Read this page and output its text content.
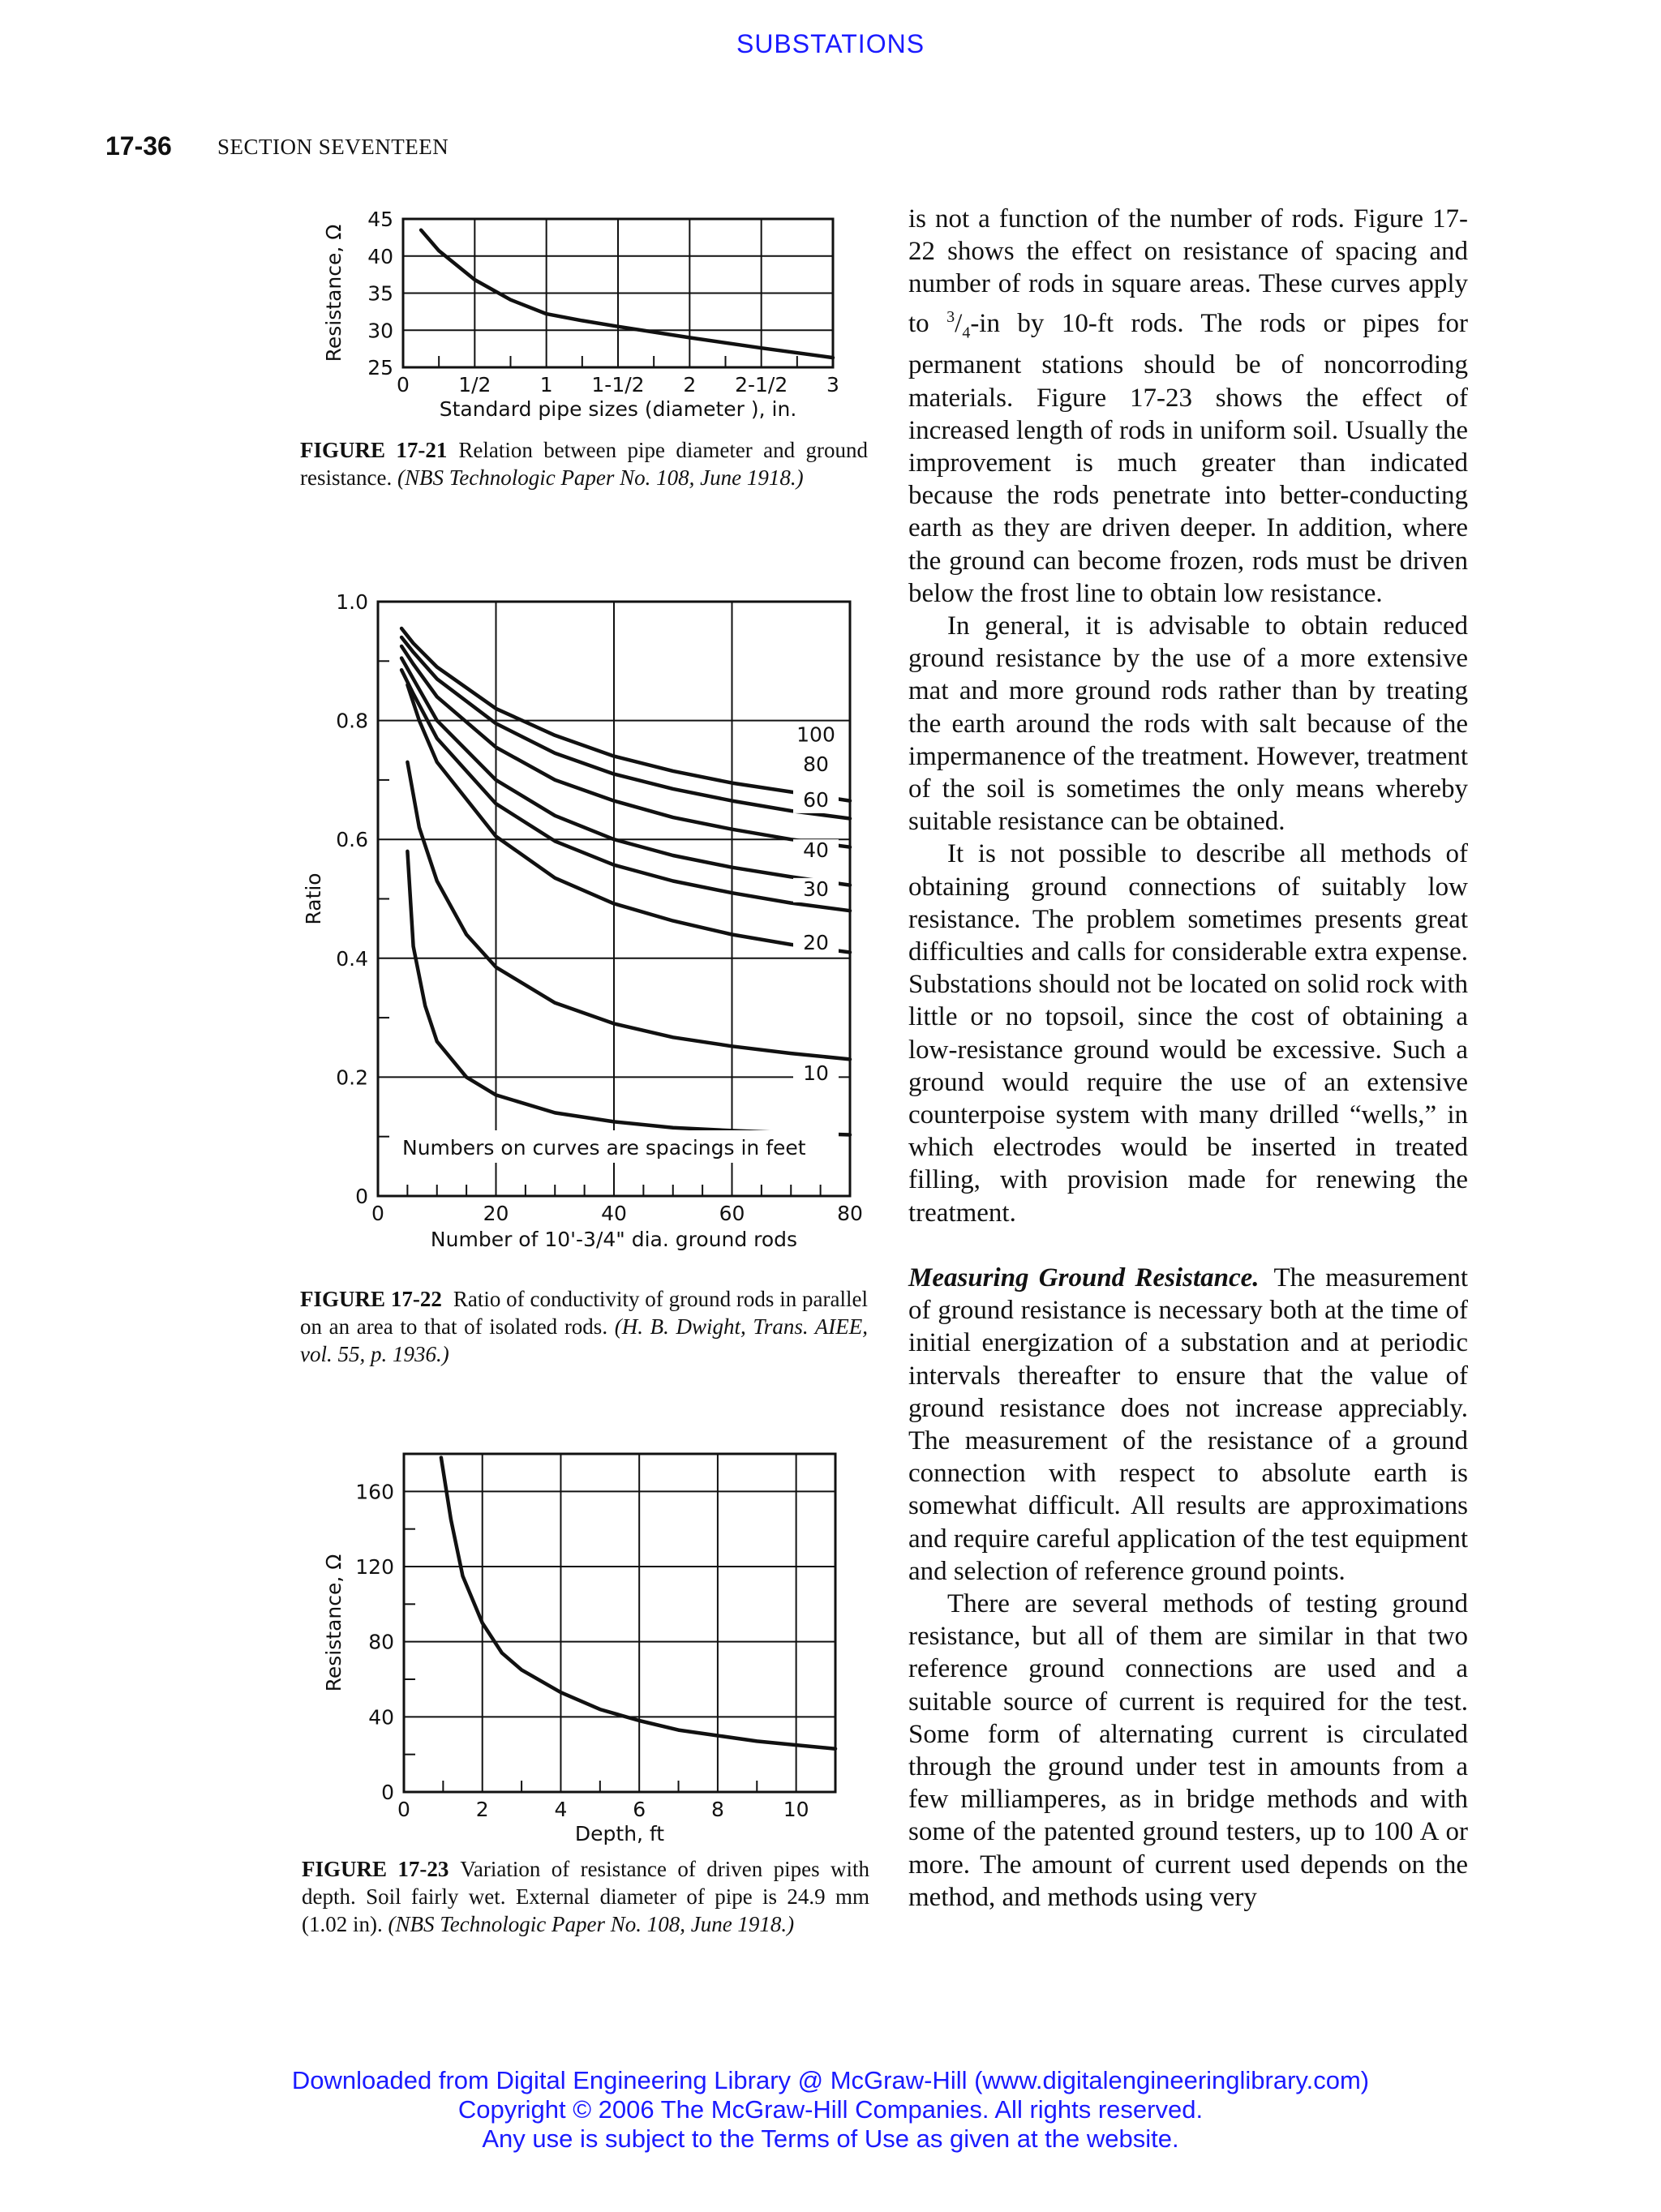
SUBSTATIONS
17-36 SECTION SEVENTEEN
0 1/2 1 1-1/2 2 2-1/2 3
25
30
35
40
45
Standard pipe sizes (diameter ), in.
Resistance, Ω
0	20	40	60	80
0
0.2
0.4
0.6
0.8
1.0
Number of 10'-3/4" dia. ground rods
Ratio
100
80
60
40
30
20
10
Numbers on curves are spacings in feet
0	2	4	6	8	10
0
40
80
120
160
Depth, ft
Resistance, Ω
FIGURE 17-21 Relation between pipe diameter and ground resistance. (NBS Technologic Paper No. 108, June 1918.)
FIGURE 17-22 Ratio of conductivity of ground rods in parallel on an area to that of isolated rods. (H. B. Dwight, Trans. AIEE, vol. 55, p. 1936.)
FIGURE 17-23 Variation of resistance of driven pipes with depth. Soil fairly wet. External diameter of pipe is 24.9 mm (1.02 in). (NBS Technologic Paper No. 108, June 1918.)

is not a function of the number of rods. Figure 17-22 shows the effect on resistance of spacing and number of rods in square areas. These curves apply to $^3/_4-in$ by 10-ft rods. The rods or pipes for permanent stations should be of noncorroding materials. Figure 17-23 shows the effect of increased length of rods in uniform soil. Usually the improvement is much greater than indicated because the rods penetrate into better-conducting earth as they are driven deeper. In addition, where the ground can become frozen, rods must be driven below the frost line to obtain low resistance.

In general, it is advisable to obtain reduced ground resistance by the use of a more extensive mat and more ground rods rather than by treating the earth around the rods with salt because of the impermanence of the treatment. However, treatment of the soil is sometimes the only means whereby suitable resistance can be obtained.

It is not possible to describe all methods of obtaining ground connections of suitably low resistance. The problem sometimes presents great difficulties and calls for considerable extra expense. Substations should not be located on solid rock with little or no topsoil, since the cost of obtaining a low-resistance ground would be excessive. Such a ground would require the use of an extensive counterpoise system with many drilled “wells,” in which electrodes would be inserted in treated filling, with provision made for renewing the treatment.

Measuring Ground Resistance. The measurement of ground resistance is necessary both at the time of initial energization of a substation and at periodic intervals thereafter to ensure that the value of ground resistance does not increase appreciably. The measurement of the resistance of a ground connection with respect to absolute earth is somewhat difficult. All results are approximations and require careful application of the test equipment and selection of reference ground points.

There are several methods of testing ground resistance, but all of them are similar in that two reference ground connections are used and a suitable source of current is required for the test. Some form of alternating current is circulated through the ground under test in amounts from a few milliamperes, as in bridge methods and with some of the patented ground testers, up to 100 A or more. The amount of current used depends on the method, and methods using very

Downloaded from Digital Engineering Library @ McGraw-Hill (www.digitalengineeringlibrary.com)
Copyright © 2006 The McGraw-Hill Companies. All rights reserved.
Any use is subject to the Terms of Use as given at the website.
